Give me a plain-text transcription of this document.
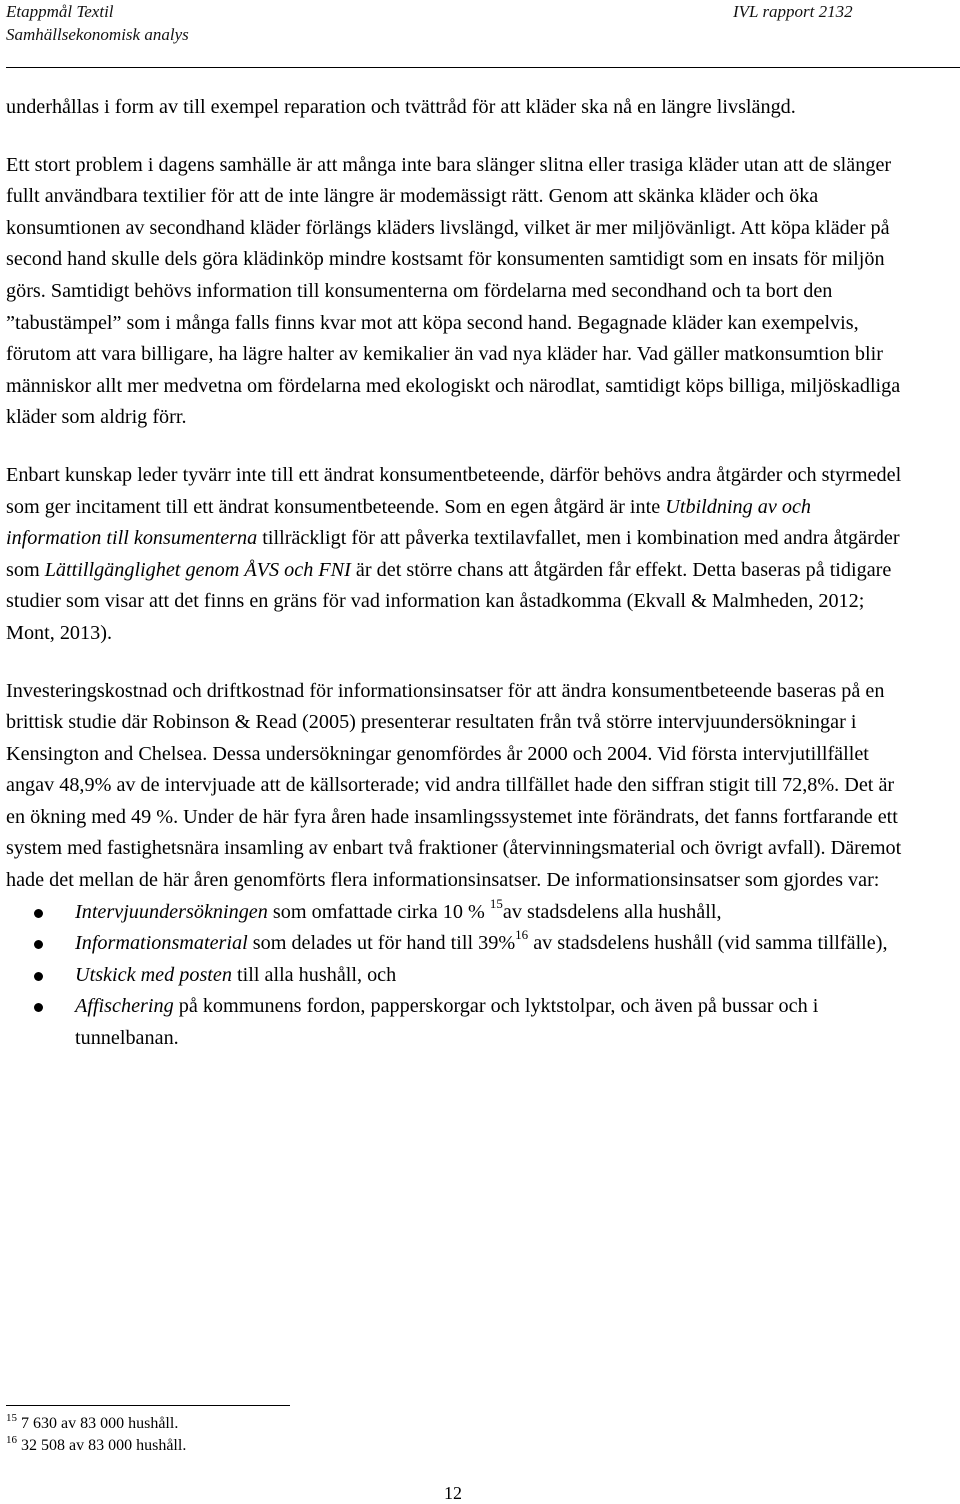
Etappmål Textil
Samhällsekonomisk analys
IVL rapport 2132

underhållas i form av till exempel reparation och tvättråd för att kläder ska nå en längre livslängd.

Ett stort problem i dagens samhälle är att många inte bara slänger slitna eller trasiga kläder utan att de slänger fullt användbara textilier för att de inte längre är modemässigt rätt. Genom att skänka kläder och öka konsumtionen av secondhand kläder förlängs kläders livslängd, vilket är mer miljövänligt. Att köpa kläder på second hand skulle dels göra klädinköp mindre kostsamt för konsumenten samtidigt som en insats för miljön görs. Samtidigt behövs information till konsumenterna om fördelarna med secondhand och ta bort den ”tabustämpel” som i många falls finns kvar mot att köpa second hand. Begagnade kläder kan exempelvis, förutom att vara billigare, ha lägre halter av kemikalier än vad nya kläder har. Vad gäller matkonsumtion blir människor allt mer medvetna om fördelarna med ekologiskt och närodlat, samtidigt köps billiga, miljöskadliga kläder som aldrig förr.

Enbart kunskap leder tyvärr inte till ett ändrat konsumentbeteende, därför behövs andra åtgärder och styrmedel som ger incitament till ett ändrat konsumentbeteende. Som en egen åtgärd är inte Utbildning av och information till konsumenterna tillräckligt för att påverka textilavfallet, men i kombination med andra åtgärder som Lättillgänglighet genom ÅVS och FNI är det större chans att åtgärden får effekt. Detta baseras på tidigare studier som visar att det finns en gräns för vad information kan åstadkomma (Ekvall & Malmheden, 2012; Mont, 2013).

Investeringskostnad och driftkostnad för informationsinsatser för att ändra konsumentbeteende baseras på en brittisk studie där Robinson & Read (2005) presenterar resultaten från två större intervjuundersökningar i Kensington and Chelsea. Dessa undersökningar genomfördes år 2000 och 2004. Vid första intervjutillfället angav 48,9% av de intervjuade att de källsorterade; vid andra tillfället hade den siffran stigit till 72,8%. Det är en ökning med 49 %. Under de här fyra åren hade insamlingssystemet inte förändrats, det fanns fortfarande ett system med fastighetsnära insamling av enbart två fraktioner (återvinningsmaterial och övrigt avfall). Däremot hade det mellan de här åren genomförts flera informationsinsatser. De informationsinsatser som gjordes var:

Intervjuundersökningen som omfattade cirka 10 % $^{15}$av stadsdelens alla hushåll,
Informationsmaterial som delades ut för hand till 39%$^{16}$ av stadsdelens hushåll (vid samma tillfälle),
Utskick med posten till alla hushåll, och
Affischering på kommunens fordon, papperskorgar och lyktstolpar, och även på bussar och i tunnelbanan.
$^{15}$ 7 630 av 83 000 hushåll.
$^{16}$ 32 508 av 83 000 hushåll.
12
